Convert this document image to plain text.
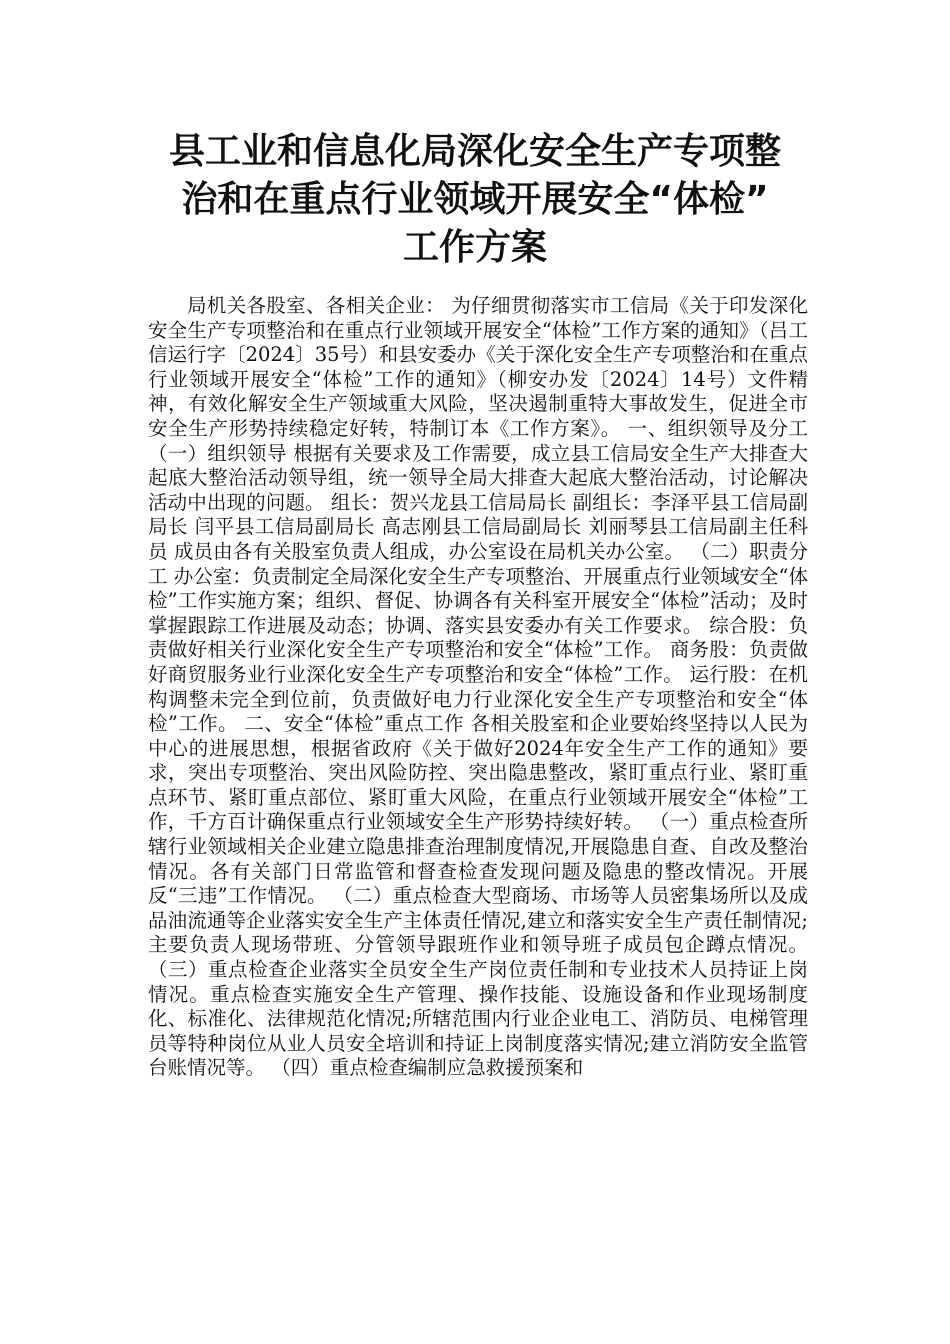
县工业和信息化局深化安全生产专项整
治和在重点行业领域开展安全“体检”
工作方案

局机关各股室、各相关企业： 为仔细贯彻落实市工信局《关于印发深化安全生产专项整治和在重点行业领域开展安全“体检”工作方案的通知》（吕工信运行字〔2024〕35号）和县安委办《关于深化安全生产专项整治和在重点行业领域开展安全“体检”工作的通知》（柳安办发〔2024〕14号）文件精神，有效化解安全生产领域重大风险，坚决遏制重特大事故发生，促进全市安全生产形势持续稳定好转，特制订本《工作方案》。 一、组织领导及分工 （一）组织领导 根据有关要求及工作需要，成立县工信局安全生产大排查大起底大整治活动领导组，统一领导全局大排查大起底大整治活动，讨论解决活动中出现的问题。 组长：贺兴龙县工信局局长 副组长：李泽平县工信局副局长 闫平县工信局副局长 高志刚县工信局副局长 刘丽琴县工信局副主任科员 成员由各有关股室负责人组成，办公室设在局机关办公室。 （二）职责分工 办公室：负责制定全局深化安全生产专项整治、开展重点行业领域安全“体检”工作实施方案；组织、督促、协调各有关科室开展安全“体检”活动；及时掌握跟踪工作进展及动态；协调、落实县安委办有关工作要求。 综合股：负责做好相关行业深化安全生产专项整治和安全“体检”工作。 商务股：负责做好商贸服务业行业深化安全生产专项整治和安全“体检”工作。 运行股：在机构调整未完全到位前，负责做好电力行业深化安全生产专项整治和安全“体检”工作。 二、安全“体检”重点工作 各相关股室和企业要始终坚持以人民为中心的进展思想，根据省政府《关于做好2024年安全生产工作的通知》要求，突出专项整治、突出风险防控、突出隐患整改，紧盯重点行业、紧盯重点环节、紧盯重点部位、紧盯重大风险，在重点行业领域开展安全“体检”工作，千方百计确保重点行业领域安全生产形势持续好转。 （一）重点检查所辖行业领域相关企业建立隐患排查治理制度情况,开展隐患自查、自改及整治情况。各有关部门日常监管和督查检查发现问题及隐患的整改情况。开展反“三违”工作情况。 （二）重点检查大型商场、市场等人员密集场所以及成品油流通等企业落实安全生产主体责任情况,建立和落实安全生产责任制情况;主要负责人现场带班、分管领导跟班作业和领导班子成员包企蹲点情况。 （三）重点检查企业落实全员安全生产岗位责任制和专业技术人员持证上岗情况。重点检查实施安全生产管理、操作技能、设施设备和作业现场制度化、标准化、法律规范化情况;所辖范围内行业企业电工、消防员、电梯管理员等特种岗位从业人员安全培训和持证上岗制度落实情况;建立消防安全监管台账情况等。 （四）重点检查编制应急救援预案和
